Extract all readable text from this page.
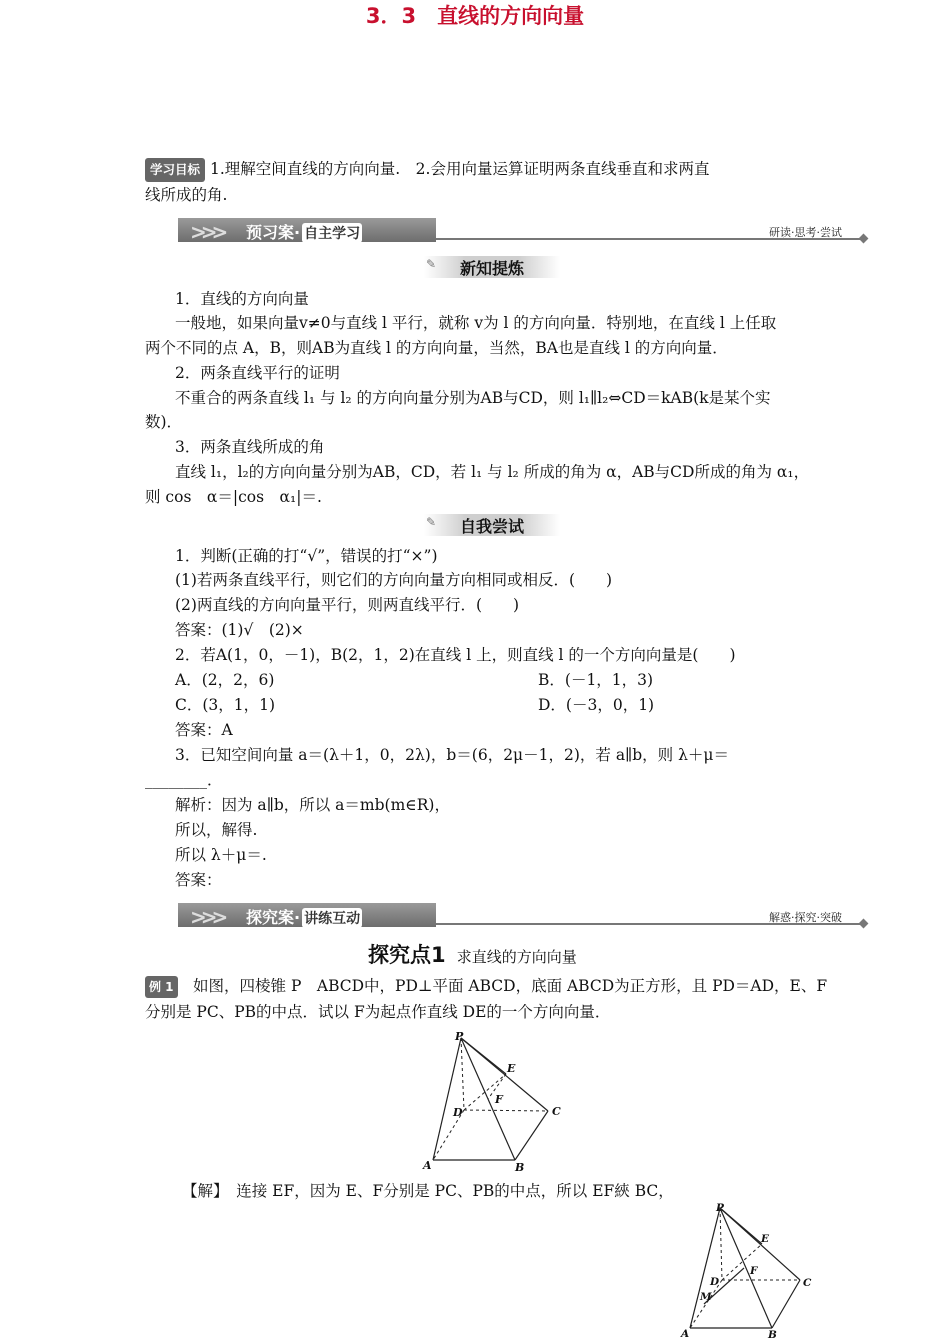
3．3　直线的方向向量
学习目标 1.理解空间直线的方向向量.　2.会用向量运算证明两条直线垂直和求两直
线所成的角.
>>> 预习案· 自主学习	研读·思考·尝试
✎ 新知提炼
1．直线的方向向量
一般地，如果向量v≠0与直线 l 平行，就称 v为 l 的方向向量．特别地，在直线 l 上任取
两个不同的点 A，B，则AB为直线 l 的方向向量，当然，BA也是直线 l 的方向向量．
2．两条直线平行的证明
不重合的两条直线 l₁ 与 l₂ 的方向向量分别为AB与CD，则 l₁∥l₂⇔CD＝kAB(k是某个实
数)．
3．两条直线所成的角
直线 l₁，l₂的方向向量分别为AB，CD，若 l₁ 与 l₂ 所成的角为 α，AB与CD所成的角为 α₁，
则 cos　α＝|cos　α₁|＝.
✎ 自我尝试
1．判断(正确的打“√”，错误的打“×”)
(1)若两条直线平行，则它们的方向向量方向相同或相反．(　　)
(2)两直线的方向向量平行，则两直线平行．(　　)
答案：(1)√　(2)×
2．若A(1，0，－1)，B(2，1，2)在直线 l 上，则直线 l 的一个方向向量是(　　)
A．(2，2，6)	B．(－1，1，3)
C．(3，1，1)	D．(－3，0，1)
答案：A
3．已知空间向量 a＝(λ＋1，0，2λ)，b＝(6，2μ－1，2)，若 a∥b，则 λ＋μ＝
________．
解析：因为 a∥b，所以 a＝mb(m∈R)，
所以，解得.
所以 λ＋μ＝.
答案：
>>> 探究案· 讲练互动	解惑·探究·突破
探究点1 求直线的方向向量
例 1　如图，四棱锥 P　ABCD中，PD⊥平面 ABCD，底面 ABCD为正方形，且 PD＝AD，E、F
分别是 PC、PB的中点．试以 F为起点作直线 DE的一个方向向量．
P
E
F
D	C
A	B
【解】　连接 EF，因为 E、F分别是 PC、PB的中点，所以 EF綊 BC，
P
E
F
D
M
C
A	B
